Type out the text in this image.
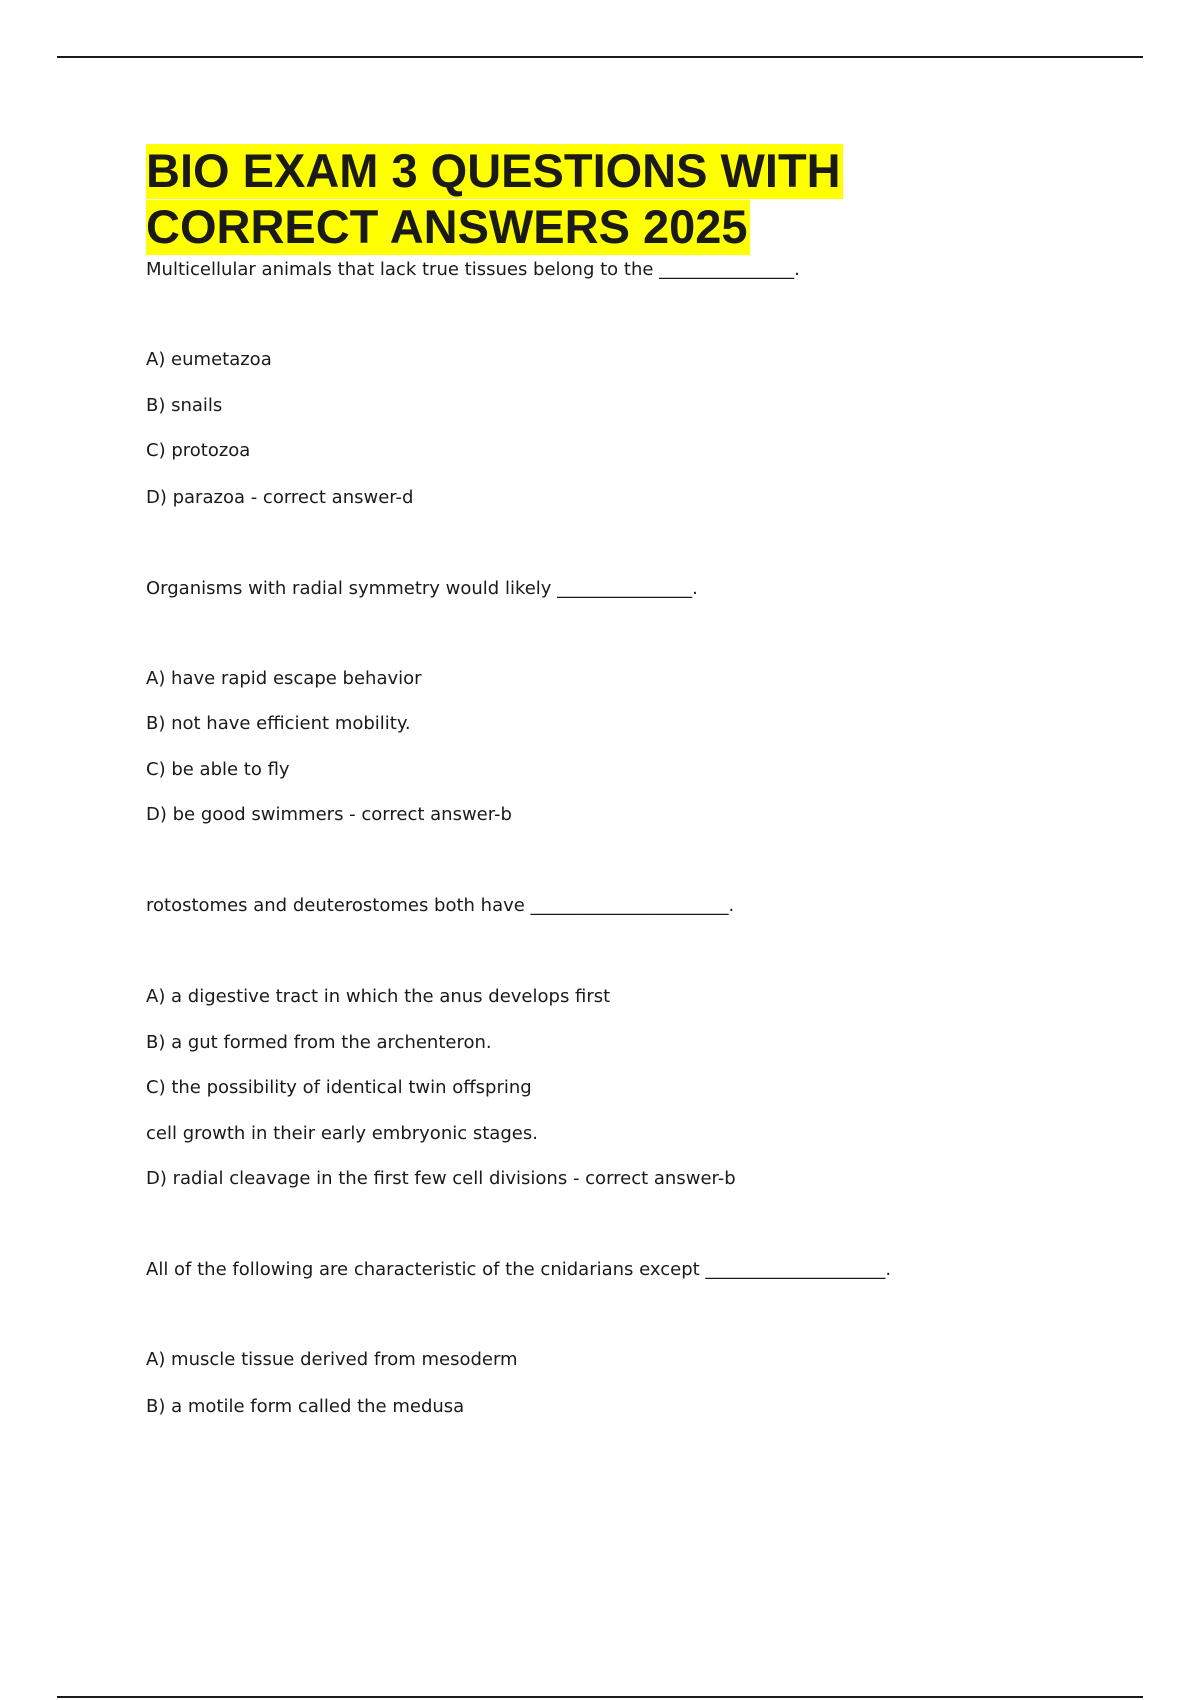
BIO EXAM 3 QUESTIONS WITH
CORRECT ANSWERS 2025
Multicellular animals that lack true tissues belong to the _______________.
A) eumetazoa
B) snails
C) protozoa
D) parazoa - correct answer-d
Organisms with radial symmetry would likely _______________.
A) have rapid escape behavior
B) not have efficient mobility.
C) be able to fly
D) be good swimmers - correct answer-b
rotostomes and deuterostomes both have ______________________.
A) a digestive tract in which the anus develops first
B) a gut formed from the archenteron.
C) the possibility of identical twin offspring
cell growth in their early embryonic stages.
D) radial cleavage in the first few cell divisions - correct answer-b
All of the following are characteristic of the cnidarians except ____________________.
A) muscle tissue derived from mesoderm
B) a motile form called the medusa
